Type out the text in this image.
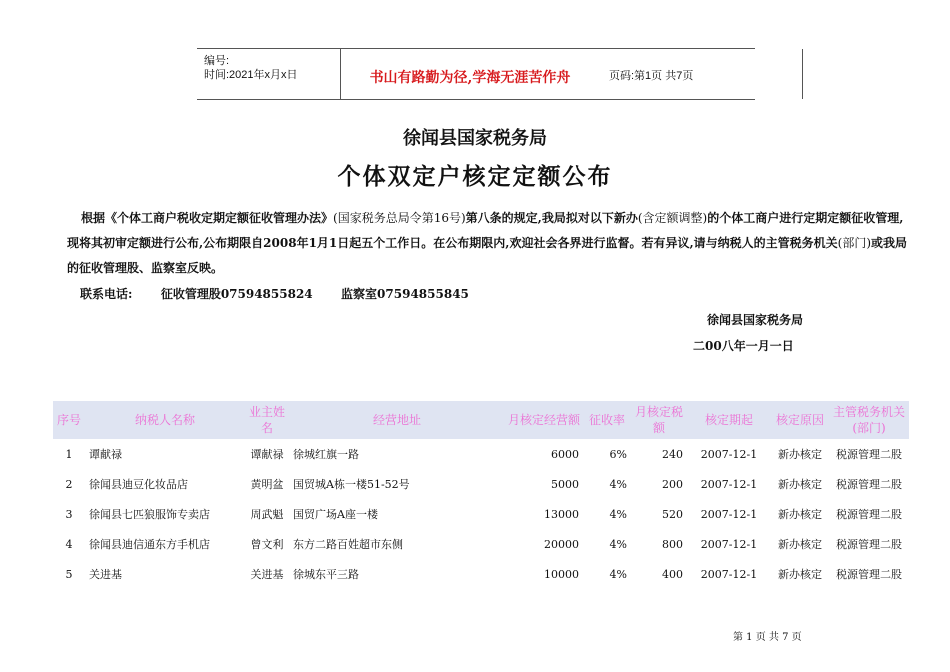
编号:
时间:2021年x月x日	书山有路勤为径,学海无涯苦作舟	页码:第1页 共7页
徐闻县国家税务局
个体双定户核定定额公布
根据《个体工商户税收定期定额征收管理办法》(国家税务总局令第16号)第八条的规定,我局拟对以下新办(含定额调整)的个体工商户进行定期定额征收管理,现将其初审定额进行公布,公布期限自2008年1月1日起五个工作日。在公布期限内,欢迎社会各界进行监督。若有异议,请与纳税人的主管税务机关(部门)或我局的征收管理股、监察室反映。
联系电话: 征收管理股07594855824 监察室07594855845
徐闻县国家税务局
二00八年一月一日
序号	纳税人名称	业主姓名	经营地址	月核定经营额	征收率	月核定税额	核定期起	核定原因	主管税务机关(部门)
1	谭献禄	谭献禄	徐城红旗一路	6000	6%	240	2007-12-1	新办核定	税源管理二股
2	徐闻县迪豆化妆品店	黄明盆	国贸城A栋一楼51-52号	5000	4%	200	2007-12-1	新办核定	税源管理二股
3	徐闻县七匹狼服饰专卖店	周武魁	国贸广场A座一楼	13000	4%	520	2007-12-1	新办核定	税源管理二股
4	徐闻县迪信通东方手机店	曾文利	东方二路百姓超市东侧	20000	4%	800	2007-12-1	新办核定	税源管理二股
5	关进基	关进基	徐城东平三路	10000	4%	400	2007-12-1	新办核定	税源管理二股
第 1 页 共 7 页
